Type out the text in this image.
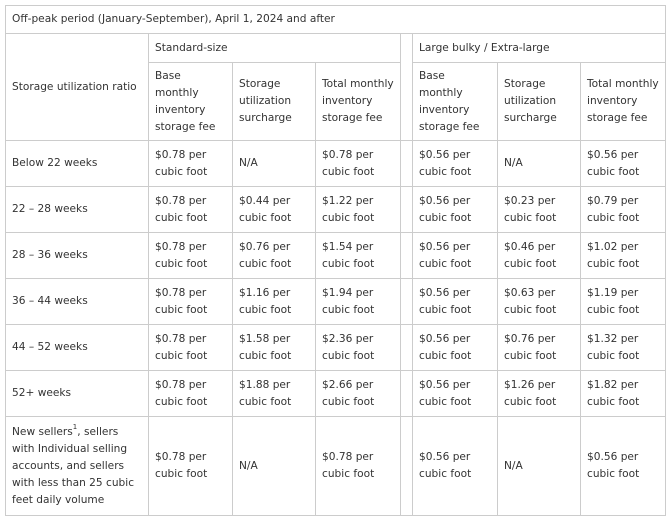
Off-peak period (January-September), April 1, 2024 and after							
Storage utilization ratio	Standard-size				Large bulky / Extra-large		
	Base monthly inventory storage fee	Storage utilization surcharge	Total monthly inventory storage fee		Base monthly inventory storage fee	Storage utilization surcharge	Total monthly inventory storage fee
Below 22 weeks	$0.78 per cubic foot	N/A	$0.78 per cubic foot		$0.56 per cubic foot	N/A	$0.56 per cubic foot
22 – 28 weeks	$0.78 per cubic foot	$0.44 per cubic foot	$1.22 per cubic foot		$0.56 per cubic foot	$0.23 per cubic foot	$0.79 per cubic foot
28 – 36 weeks	$0.78 per cubic foot	$0.76 per cubic foot	$1.54 per cubic foot		$0.56 per cubic foot	$0.46 per cubic foot	$1.02 per cubic foot
36 – 44 weeks	$0.78 per cubic foot	$1.16 per cubic foot	$1.94 per cubic foot		$0.56 per cubic foot	$0.63 per cubic foot	$1.19 per cubic foot
44 – 52 weeks	$0.78 per cubic foot	$1.58 per cubic foot	$2.36 per cubic foot		$0.56 per cubic foot	$0.76 per cubic foot	$1.32 per cubic foot
52+ weeks	$0.78 per cubic foot	$1.88 per cubic foot	$2.66 per cubic foot		$0.56 per cubic foot	$1.26 per cubic foot	$1.82 per cubic foot
New sellers$^1$, sellers with Individual selling accounts, and sellers with less than 25 cubic feet daily volume	$0.78 per cubic foot	N/A	$0.78 per cubic foot		$0.56 per cubic foot	N/A	$0.56 per cubic foot
